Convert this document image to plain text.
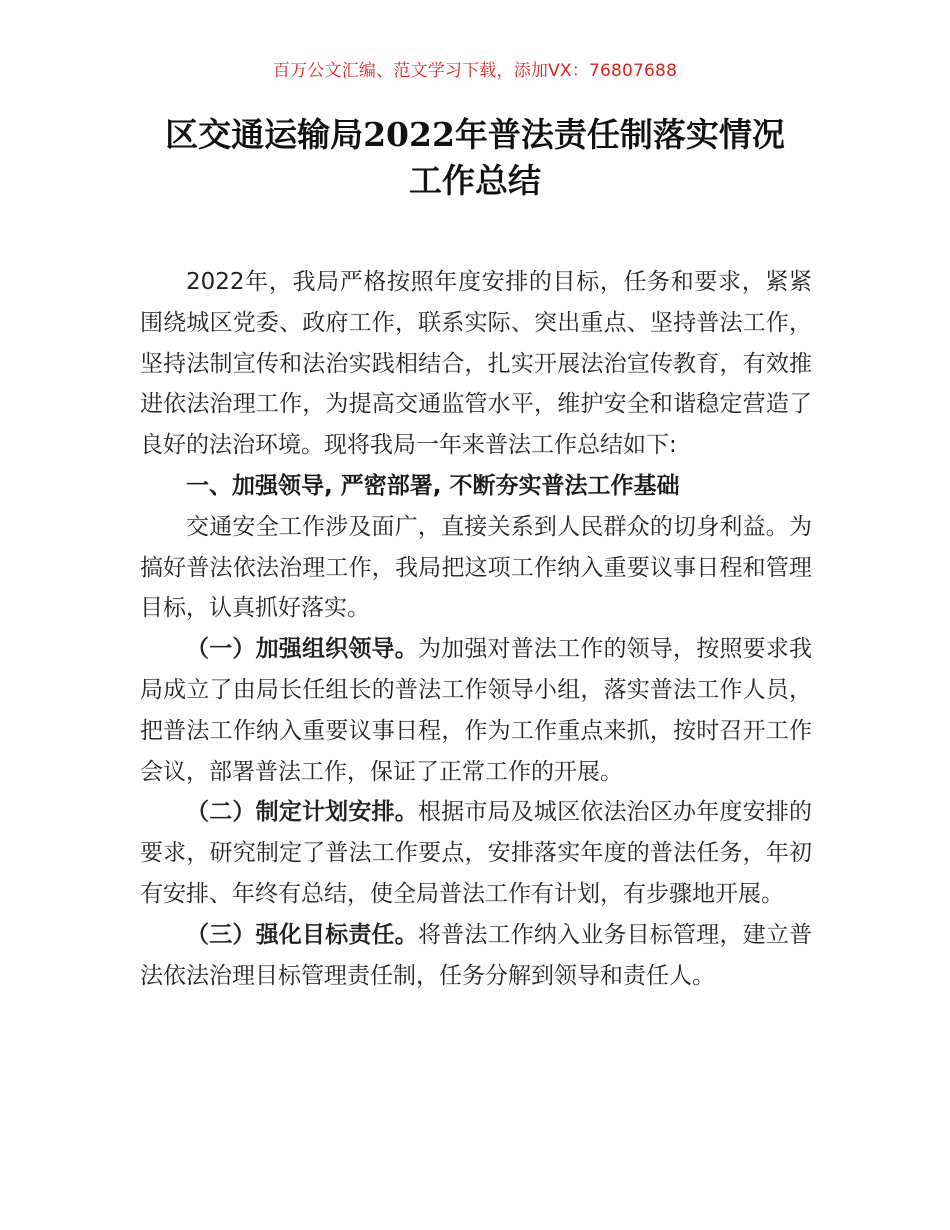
百万公文汇编、范文学习下载，添加VX：76807688
区交通运输局2022年普法责任制落实情况
工作总结

2022年，我局严格按照年度安排的目标，任务和要求，紧紧围绕城区党委、政府工作，联系实际、突出重点、坚持普法工作，坚持法制宣传和法治实践相结合，扎实开展法治宣传教育，有效推进依法治理工作，为提高交通监管水平，维护安全和谐稳定营造了良好的法治环境。现将我局一年来普法工作总结如下:

一、加强领导, 严密部署, 不断夯实普法工作基础

交通安全工作涉及面广，直接关系到人民群众的切身利益。为搞好普法依法治理工作，我局把这项工作纳入重要议事日程和管理目标，认真抓好落实。

（一）加强组织领导。为加强对普法工作的领导，按照要求我局成立了由局长任组长的普法工作领导小组，落实普法工作人员，把普法工作纳入重要议事日程，作为工作重点来抓，按时召开工作会议，部署普法工作，保证了正常工作的开展。

（二）制定计划安排。根据市局及城区依法治区办年度安排的要求，研究制定了普法工作要点，安排落实年度的普法任务，年初有安排、年终有总结，使全局普法工作有计划，有步骤地开展。

（三）强化目标责任。将普法工作纳入业务目标管理，建立普法依法治理目标管理责任制，任务分解到领导和责任人。
